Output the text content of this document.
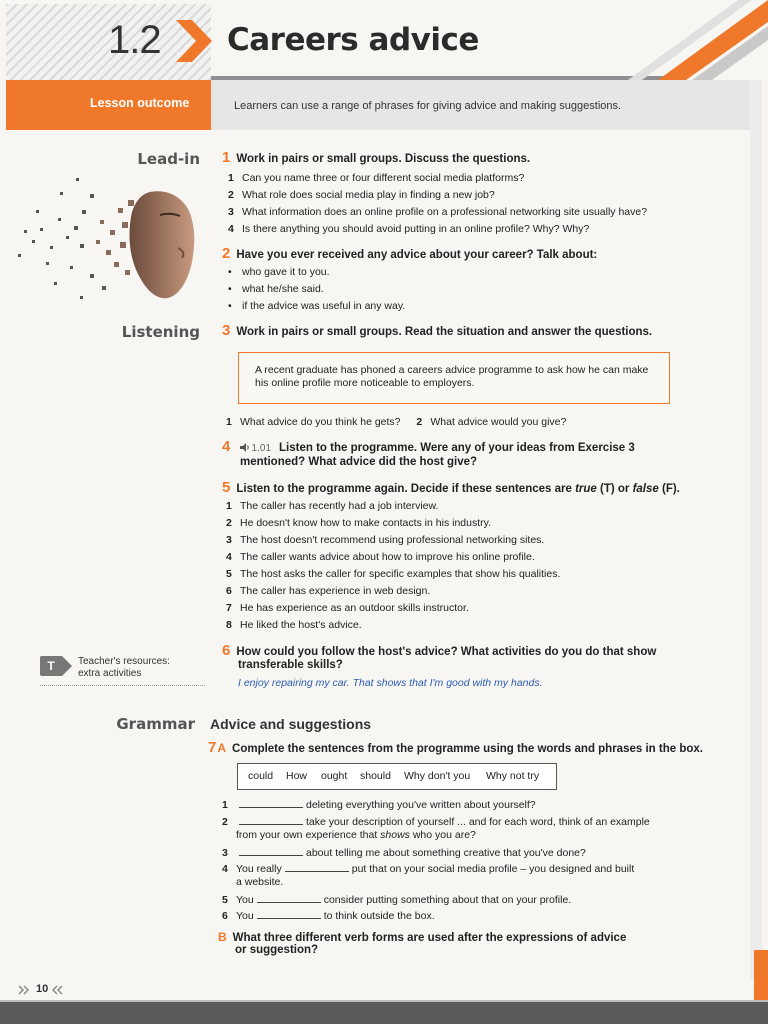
1.2 Careers advice
Lesson outcome	Learners can use a range of phrases for giving advice and making suggestions.
Lead-in
Listening
Grammar
1 Work in pairs or small groups. Discuss the questions.
1 Can you name three or four different social media platforms?
2 What role does social media play in finding a new job?
3 What information does an online profile on a professional networking site usually have?
4 Is there anything you should avoid putting in an online profile? Why? Why?
2 Have you ever received any advice about your career? Talk about:
• who gave it to you.
• what he/she said.
• if the advice was useful in any way.
3 Work in pairs or small groups. Read the situation and answer the questions.
A recent graduate has phoned a careers advice programme to ask how he can make his online profile more noticeable to employers.
1 What advice do you think he gets? 2 What advice would you give?
4 1.01 Listen to the programme. Were any of your ideas from Exercise 3
mentioned? What advice did the host give?
5 Listen to the programme again. Decide if these sentences are true (T) or false (F).
1 The caller has recently had a job interview.
2 He doesn't know how to make contacts in his industry.
3 The host doesn't recommend using professional networking sites.
4 The caller wants advice about how to improve his online profile.
5 The host asks the caller for specific examples that show his qualities.
6 The caller has experience in web design.
7 He has experience as an outdoor skills instructor.
8 He liked the host's advice.
6 How could you follow the host's advice? What activities do you do that show
transferable skills?
I enjoy repairing my car. That shows that I'm good with my hands.
T	Teacher's resources:
extra activities
Advice and suggestions
7A Complete the sentences from the programme using the words and phrases in the box.
could How ought should Why don't you Why not try
1	deleting everything you've written about yourself?
2	take your description of yourself ... and for each word, think of an example
from your own experience that shows who you are?
3	about telling me about something creative that you've done?
4 You really	put that on your social media profile – you designed and built
a website.
5 You	consider putting something about that on your profile.
6 You	to think outside the box.
B What three different verb forms are used after the expressions of advice
or suggestion?
10
